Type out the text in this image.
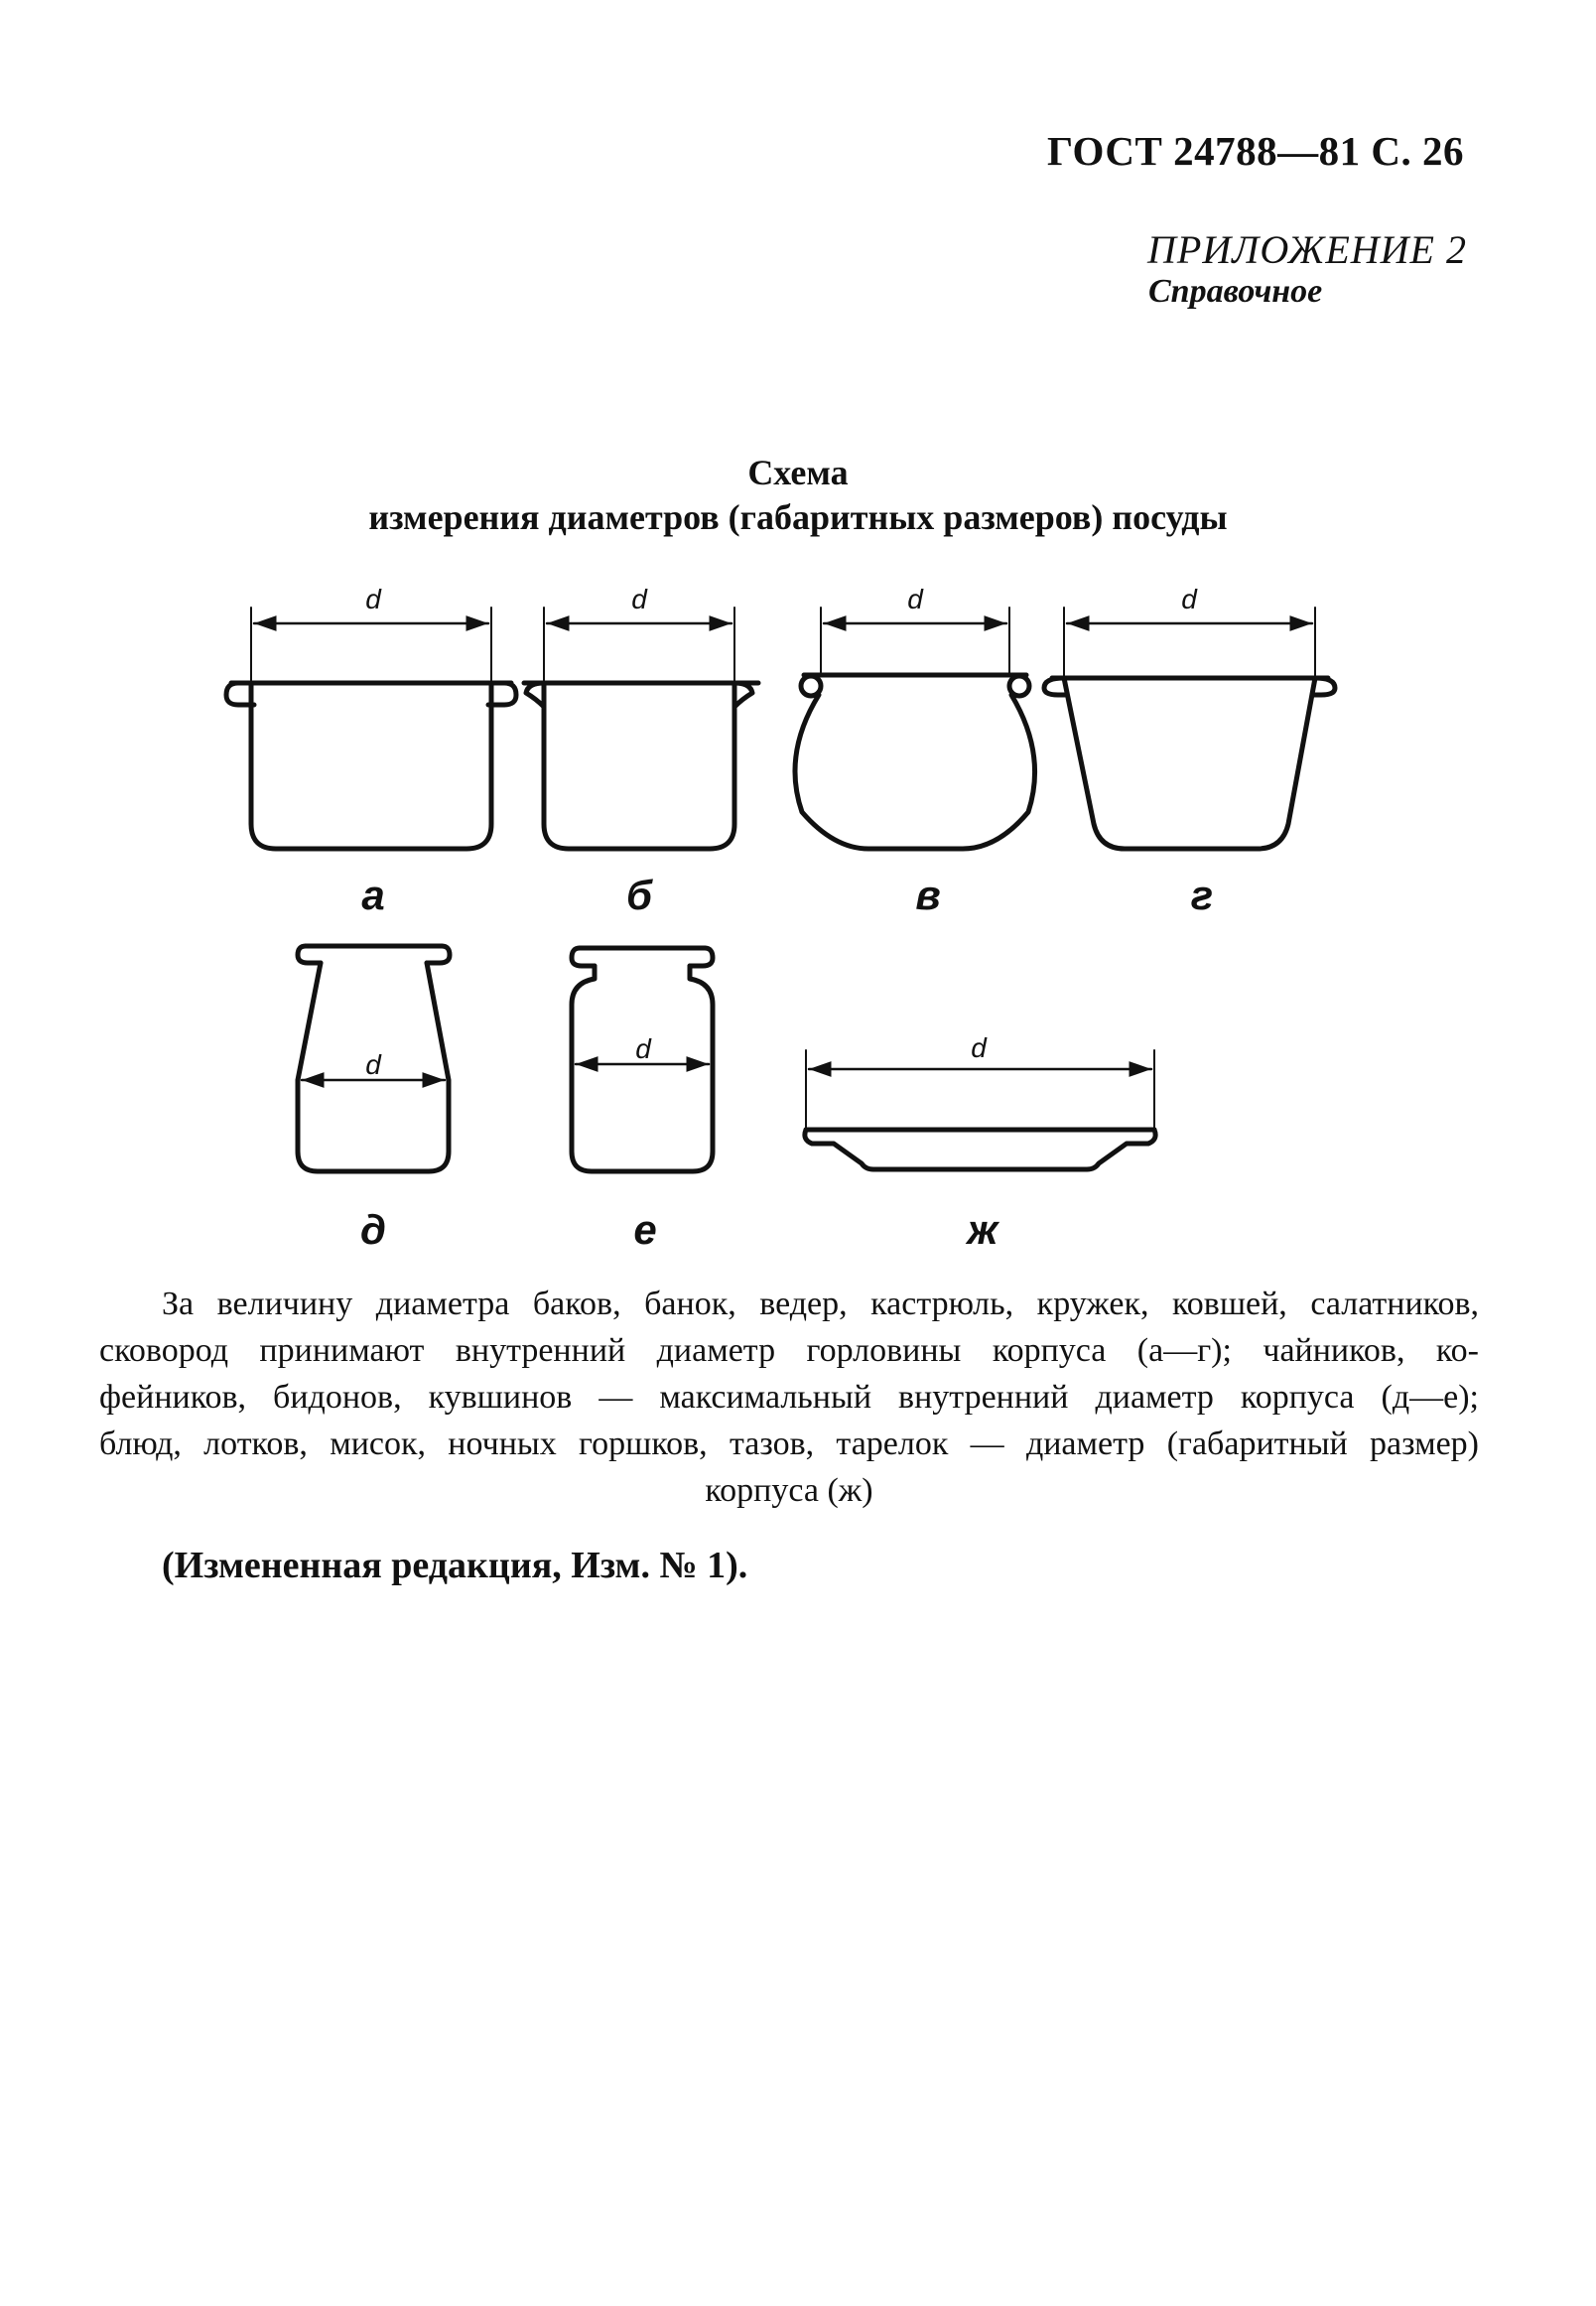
ГОСТ 24788—81 С. 26
ПРИЛОЖЕНИЕ 2
Справочное
Схема
измерения диаметров (габаритных размеров) посуды
d	d	d	d
d
d	d
а	б	в	г
д	е	ж
За величину диаметра баков, банок, ведер, кастрюль, кружек, ковшей, салатников,
сковород принимают внутренний диаметр горловины корпуса (а—г); чайников, ко-
фейников, бидонов, кувшинов — максимальный внутренний диаметр корпуса (д—е);
блюд, лотков, мисок, ночных горшков, тазов, тарелок — диаметр (габаритный размер)
корпуса (ж)
(Измененная редакция, Изм. № 1).
